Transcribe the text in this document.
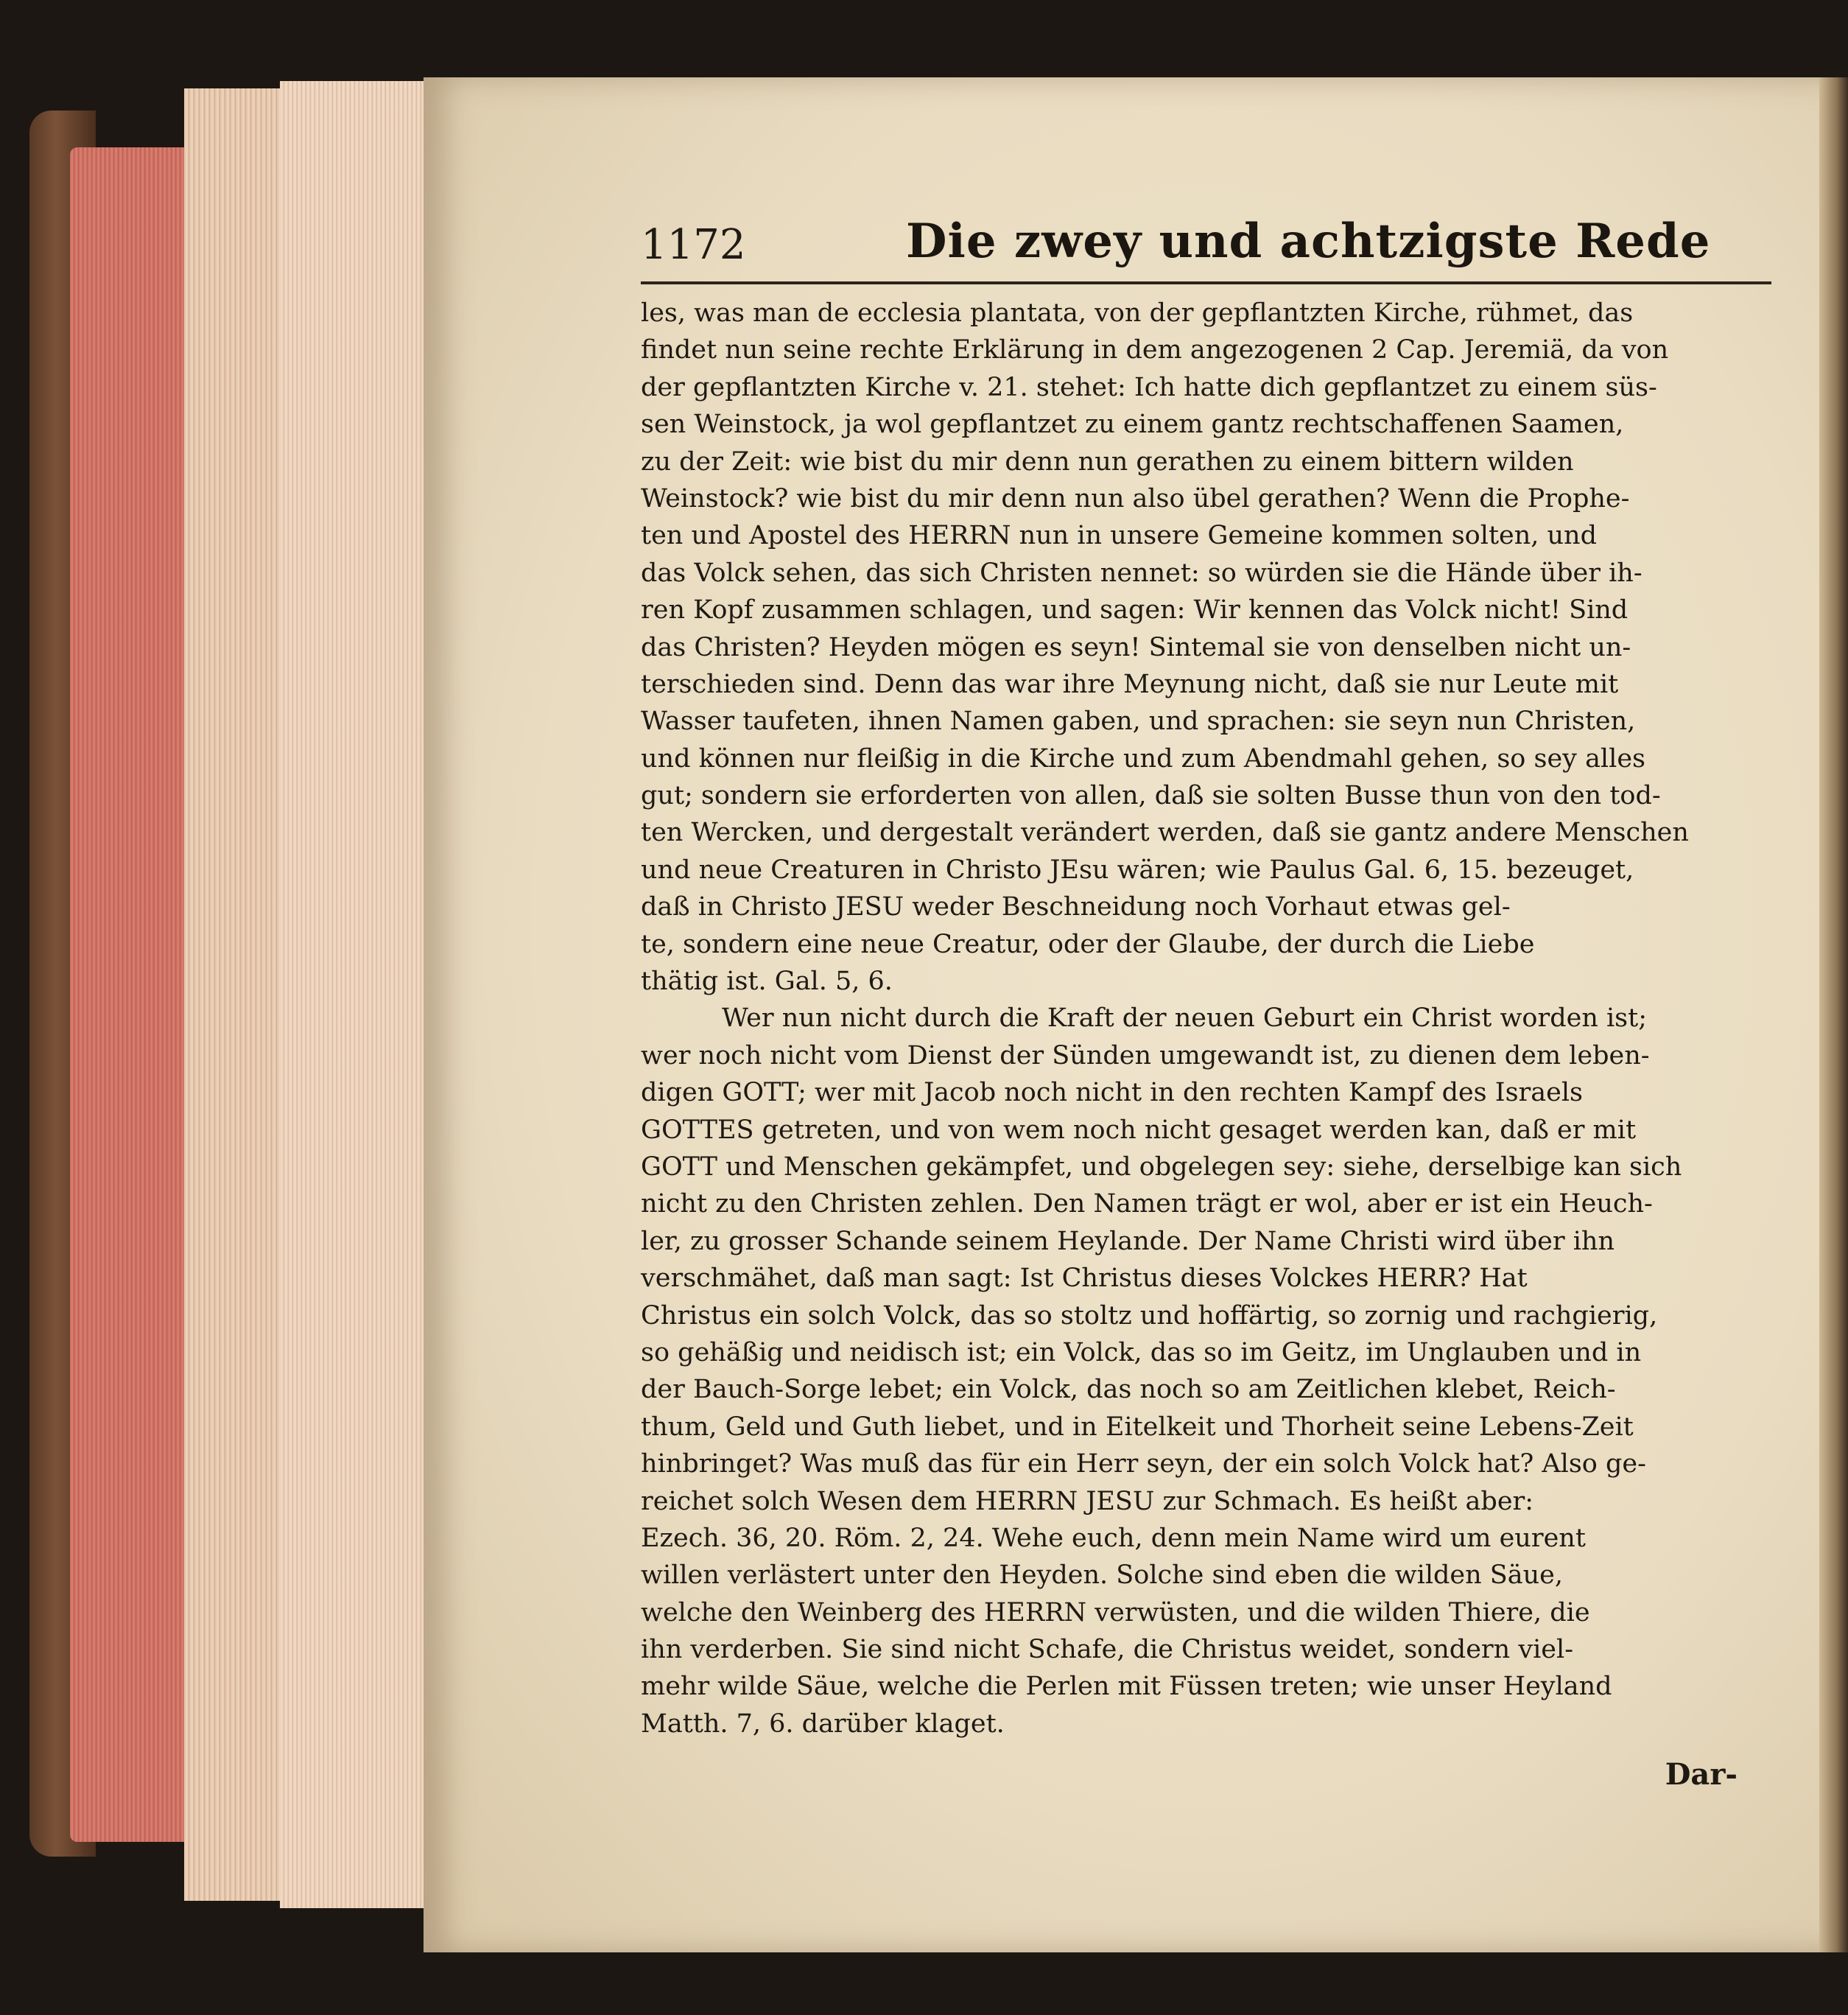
1172	Die zwey und achtzigste Rede
les, was man de ecclesia plantata, von der gepflantzten Kirche, rühmet, das
findet nun seine rechte Erklärung in dem angezogenen 2 Cap. Jeremiä, da von
der gepflantzten Kirche v. 21. stehet: Ich hatte dich gepflantzet zu einem süs-
sen Weinstock, ja wol gepflantzet zu einem gantz rechtschaffenen Saamen,
zu der Zeit: wie bist du mir denn nun gerathen zu einem bittern wilden
Weinstock? wie bist du mir denn nun also übel gerathen? Wenn die Prophe-
ten und Apostel des HERRN nun in unsere Gemeine kommen solten, und
das Volck sehen, das sich Christen nennet: so würden sie die Hände über ih-
ren Kopf zusammen schlagen, und sagen: Wir kennen das Volck nicht! Sind
das Christen? Heyden mögen es seyn! Sintemal sie von denselben nicht un-
terschieden sind. Denn das war ihre Meynung nicht, daß sie nur Leute mit
Wasser taufeten, ihnen Namen gaben, und sprachen: sie seyn nun Christen,
und können nur fleißig in die Kirche und zum Abendmahl gehen, so sey alles
gut; sondern sie erforderten von allen, daß sie solten Busse thun von den tod-
ten Wercken, und dergestalt verändert werden, daß sie gantz andere Menschen
und neue Creaturen in Christo JEsu wären; wie Paulus Gal. 6, 15. bezeuget,
daß in Christo JESU weder Beschneidung noch Vorhaut etwas gel-
te, sondern eine neue Creatur, oder der Glaube, der durch die Liebe
thätig ist. Gal. 5, 6.
Wer nun nicht durch die Kraft der neuen Geburt ein Christ worden ist;
wer noch nicht vom Dienst der Sünden umgewandt ist, zu dienen dem leben-
digen GOTT; wer mit Jacob noch nicht in den rechten Kampf des Israels
GOTTES getreten, und von wem noch nicht gesaget werden kan, daß er mit
GOTT und Menschen gekämpfet, und obgelegen sey: siehe, derselbige kan sich
nicht zu den Christen zehlen. Den Namen trägt er wol, aber er ist ein Heuch-
ler, zu grosser Schande seinem Heylande. Der Name Christi wird über ihn
verschmähet, daß man sagt: Ist Christus dieses Volckes HERR? Hat
Christus ein solch Volck, das so stoltz und hoffärtig, so zornig und rachgierig,
so gehäßig und neidisch ist; ein Volck, das so im Geitz, im Unglauben und in
der Bauch-Sorge lebet; ein Volck, das noch so am Zeitlichen klebet, Reich-
thum, Geld und Guth liebet, und in Eitelkeit und Thorheit seine Lebens-Zeit
hinbringet? Was muß das für ein Herr seyn, der ein solch Volck hat? Also ge-
reichet solch Wesen dem HERRN JESU zur Schmach. Es heißt aber:
Ezech. 36, 20. Röm. 2, 24. Wehe euch, denn mein Name wird um eurent
willen verlästert unter den Heyden. Solche sind eben die wilden Säue,
welche den Weinberg des HERRN verwüsten, und die wilden Thiere, die
ihn verderben. Sie sind nicht Schafe, die Christus weidet, sondern viel-
mehr wilde Säue, welche die Perlen mit Füssen treten; wie unser Heyland
Matth. 7, 6. darüber klaget.
Dar-
